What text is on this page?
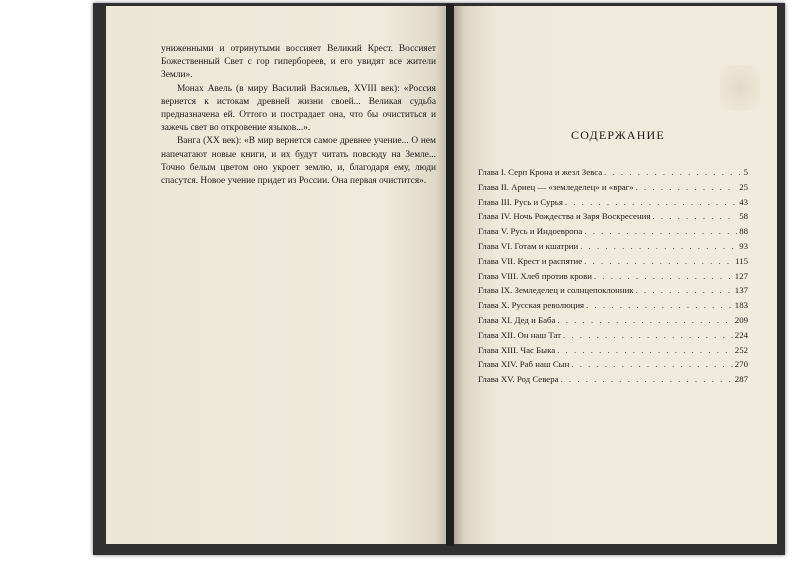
униженными и отринутыми воссияет Великий Крест. Воссияет Божественный Свет с гор гипербореев, и его увидят все жители Земли».

Монах Авель (в миру Василий Васильев, XVIII век): «Россия вернется к истокам древней жизни своей... Великая судьба предназначена ей. Оттого и пострадает она, что бы очиститься и зажечь свет во откровение языков...».

Ванга (XX век): «В мир вернется самое древнее учение... О нем напечатают новые книги, и их будут читать повсюду на Земле... Точно белым цветом оно укроет землю, и, благодаря ему, люди спасутся. Новое учение придет из России. Она первая очистится».

СОДЕРЖАНИЕ
Глава I. Серп Крона и жезл Зевса . . .	5
Глава II. Ариец — «земледелец» и «враг» . . .	25
Глава III. Русь и Сурья . . .	43
Глава IV. Ночь Рождества и Заря Воскресения . . .	58
Глава V. Русь и Индоевропа . . .	88
Глава VI. Готам и кшатрии . . .	93
Глава VII. Крест и распятие . . .	115
Глава VIII. Хлеб против крови . . .	127
Глава IX. Земледелец и солнцепоклонник . . .	137
Глава X. Русская революция . . .	183
Глава XI. Дед и Баба . . .	209
Глава XII. Он наш Тат . . .	224
Глава XIII. Час Быка . . .	252
Глава XIV. Раб наш Сын . . .	270
Глава XV. Род Севера . . .	287
